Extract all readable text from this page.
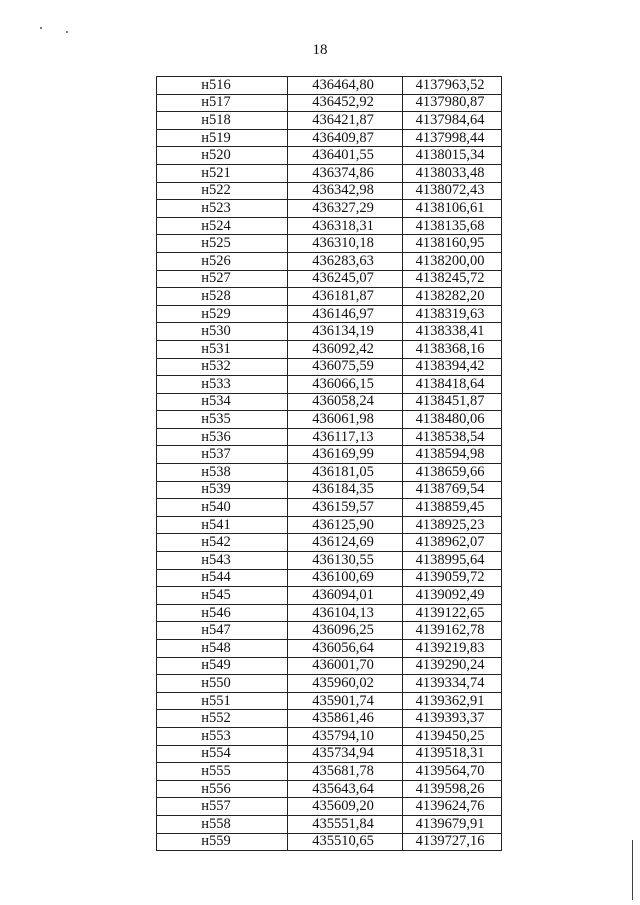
18
н516	436464,80	4137963,52
н517	436452,92	4137980,87
н518	436421,87	4137984,64
н519	436409,87	4137998,44
н520	436401,55	4138015,34
н521	436374,86	4138033,48
н522	436342,98	4138072,43
н523	436327,29	4138106,61
н524	436318,31	4138135,68
н525	436310,18	4138160,95
н526	436283,63	4138200,00
н527	436245,07	4138245,72
н528	436181,87	4138282,20
н529	436146,97	4138319,63
н530	436134,19	4138338,41
н531	436092,42	4138368,16
н532	436075,59	4138394,42
н533	436066,15	4138418,64
н534	436058,24	4138451,87
н535	436061,98	4138480,06
н536	436117,13	4138538,54
н537	436169,99	4138594,98
н538	436181,05	4138659,66
н539	436184,35	4138769,54
н540	436159,57	4138859,45
н541	436125,90	4138925,23
н542	436124,69	4138962,07
н543	436130,55	4138995,64
н544	436100,69	4139059,72
н545	436094,01	4139092,49
н546	436104,13	4139122,65
н547	436096,25	4139162,78
н548	436056,64	4139219,83
н549	436001,70	4139290,24
н550	435960,02	4139334,74
н551	435901,74	4139362,91
н552	435861,46	4139393,37
н553	435794,10	4139450,25
н554	435734,94	4139518,31
н555	435681,78	4139564,70
н556	435643,64	4139598,26
н557	435609,20	4139624,76
н558	435551,84	4139679,91
н559	435510,65	4139727,16
